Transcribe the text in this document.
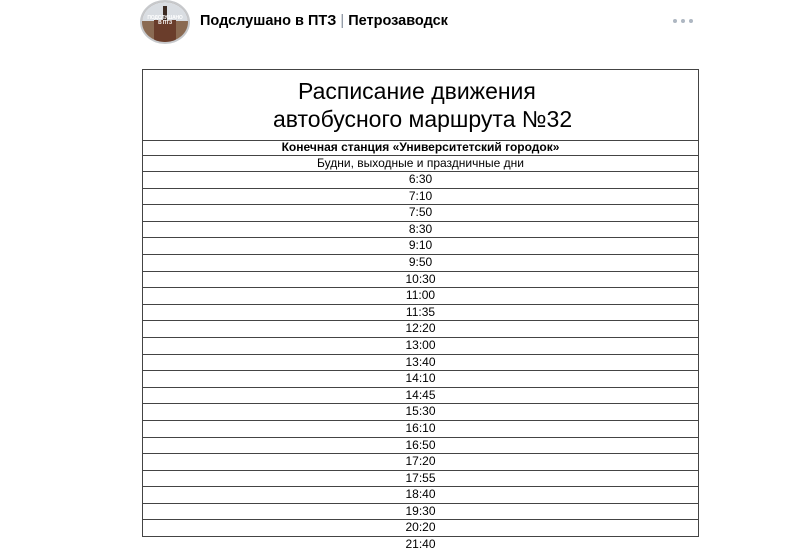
ПОДСЛУШАНО В ПТЗ	Подслушано в ПТЗ | Петрозаводск
Расписание движения
автобусного маршрута №32
Конечная станция «Университетский городок»
Будни, выходные и праздничные дни
6:30
7:10
7:50
8:30
9:10
9:50
10:30
11:00
11:35
12:20
13:00
13:40
14:10
14:45
15:30
16:10
16:50
17:20
17:55
18:40
19:30
20:20
21:40
